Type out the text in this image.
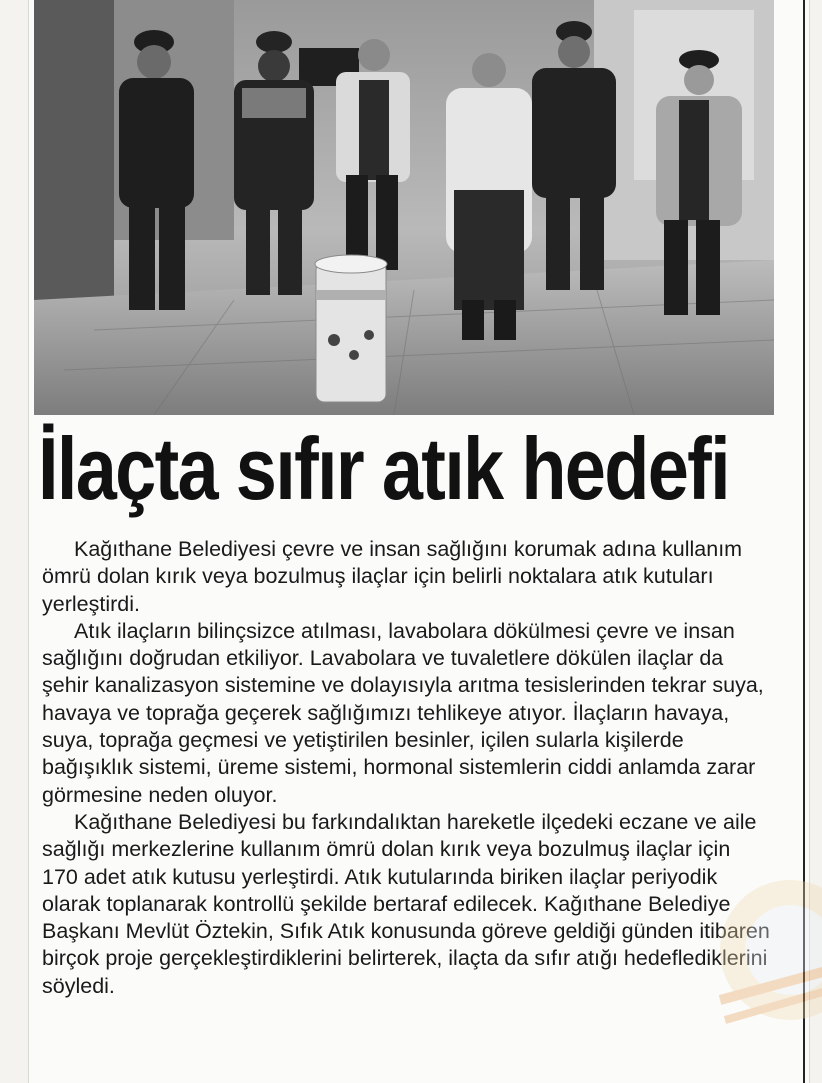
İlaçta sıfır atık hedefi

Kağıthane Belediyesi çevre ve insan sağlığını korumak adına kullanım ömrü dolan kırık veya bozulmuş ilaçlar için belirli noktalara atık kutuları yerleştirdi.

Atık ilaçların bilinçsizce atılması, lavabolara dökülmesi çevre ve insan sağlığını doğrudan etkiliyor. Lavabolara ve tuvaletlere dökülen ilaçlar da şehir kanalizasyon sistemine ve dolayısıyla arıtma tesislerinden tekrar suya, havaya ve toprağa geçerek sağlığımızı tehlikeye atıyor. İlaçların havaya, suya, toprağa geçmesi ve yetiştirilen besinler, içilen sularla kişilerde bağışıklık sistemi, üreme sistemi, hormonal sistemlerin ciddi anlamda zarar görmesine neden oluyor.

Kağıthane Belediyesi bu farkındalıktan hareketle ilçedeki eczane ve aile sağlığı merkezlerine kullanım ömrü dolan kırık veya bozulmuş ilaçlar için 170 adet atık kutusu yerleştirdi. Atık kutularında biriken ilaçlar periyodik olarak toplanarak kontrollü şekilde bertaraf edilecek. Kağıthane Belediye Başkanı Mevlüt Öztekin, Sıfık Atık konusunda göreve geldiği günden itibaren birçok proje gerçekleştirdiklerini belirterek, ilaçta da sıfır atığı hedeflediklerini söyledi.
